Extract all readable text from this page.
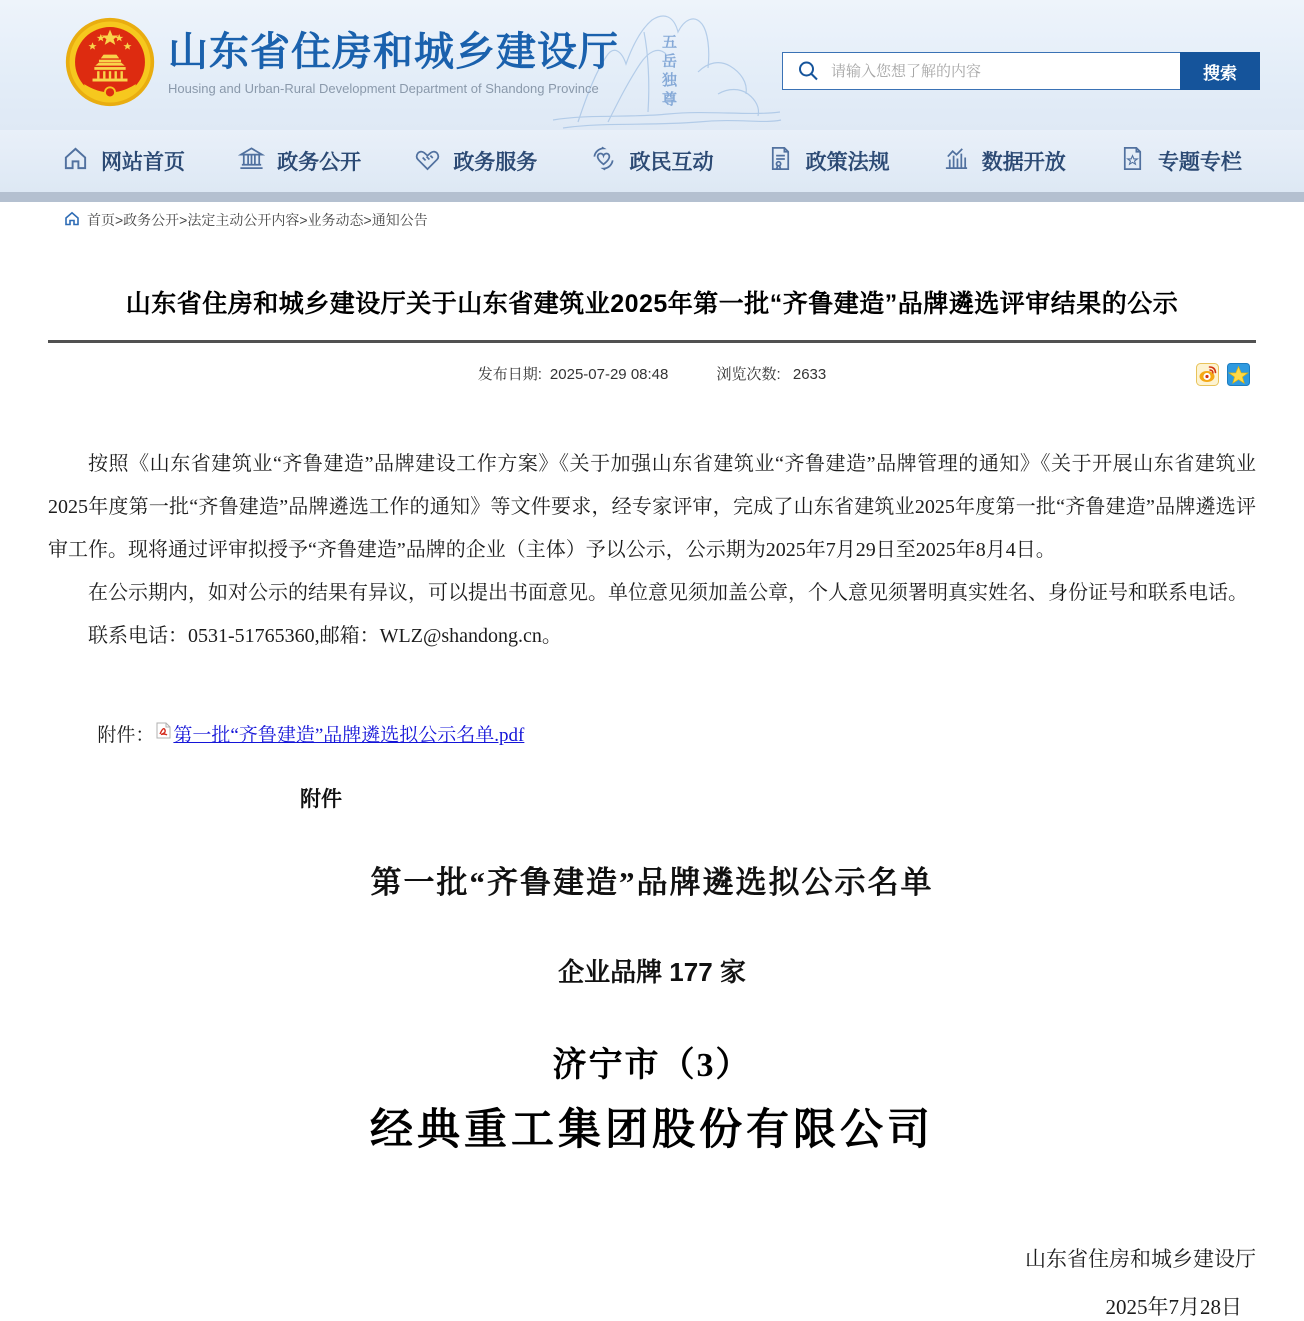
五岳独尊
山东省住房和城乡建设厅
Housing and Urban-Rural Development Department of Shandong Province
请输入您想了解的内容
搜索
网站首页	政务公开	政务服务	政民互动	政策法规	数据开放	专题专栏
首页>政务公开>法定主动公开内容>业务动态>通知公告
山东省住房和城乡建设厅关于山东省建筑业2025年第一批“齐鲁建造”品牌遴选评审结果的公示
发布日期: 2025-07-29 08:48	浏览次数: 2633

按照《山东省建筑业“齐鲁建造”品牌建设工作方案》《关于加强山东省建筑业“齐鲁建造”品牌管理的通知》《关于开展山东省建筑业2025年度第一批“齐鲁建造”品牌遴选工作的通知》等文件要求，经专家评审，完成了山东省建筑业2025年度第一批“齐鲁建造”品牌遴选评审工作。现将通过评审拟授予“齐鲁建造”品牌的企业（主体）予以公示，公示期为2025年7月29日至2025年8月4日。

在公示期内，如对公示的结果有异议，可以提出书面意见。单位意见须加盖公章，个人意见须署明真实姓名、身份证号和联系电话。

联系电话：0531-51765360,邮箱：WLZ@shandong.cn。

附件： 第一批“齐鲁建造”品牌遴选拟公示名单.pdf
附件
第一批“齐鲁建造”品牌遴选拟公示名单
企业品牌 177 家
济宁市（3）
经典重工集团股份有限公司
山东省住房和城乡建设厅
2025年7月28日
